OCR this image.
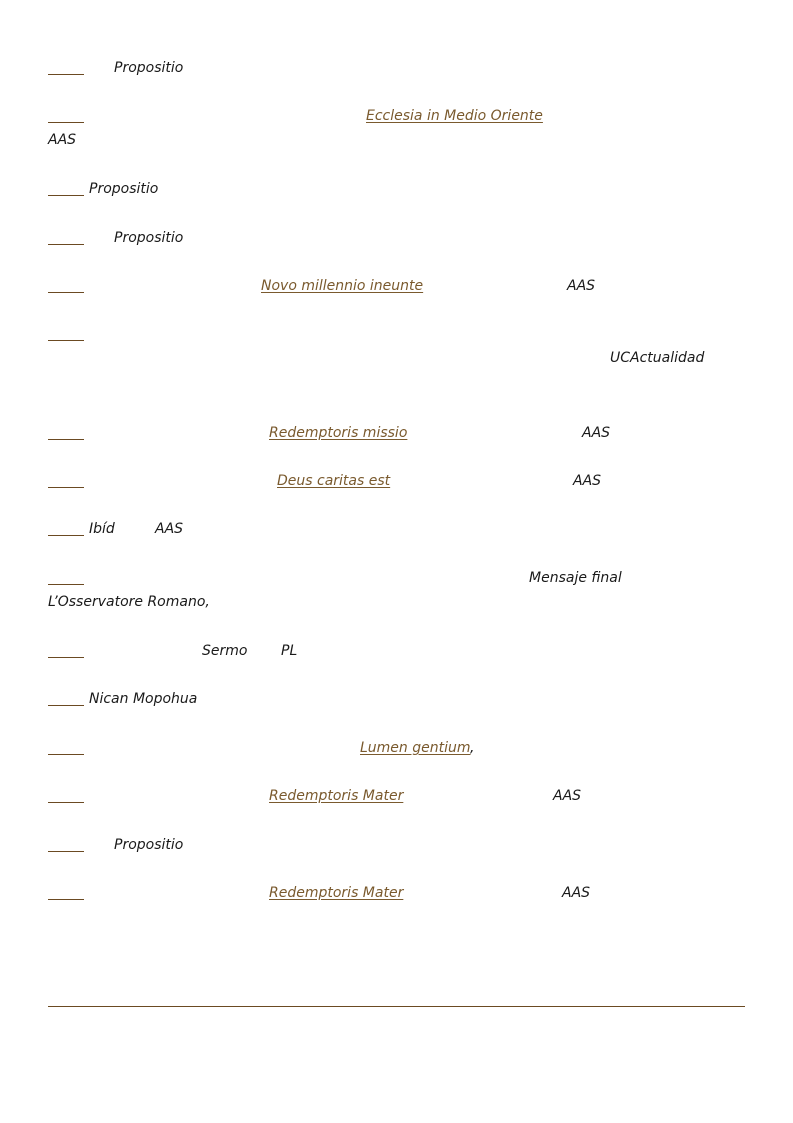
Propositio
Ecclesia in Medio Oriente
AAS
Propositio
Propositio
Novo millennio ineunte	AAS
UCActualidad
Redemptoris missio	AAS
Deus caritas est	AAS
Ibíd	AAS
Mensaje final
L’Osservatore Romano,
Sermo PL
Nican Mopohua
Lumen gentium ,
Redemptoris Mater	AAS
Propositio
Redemptoris Mater	AAS
